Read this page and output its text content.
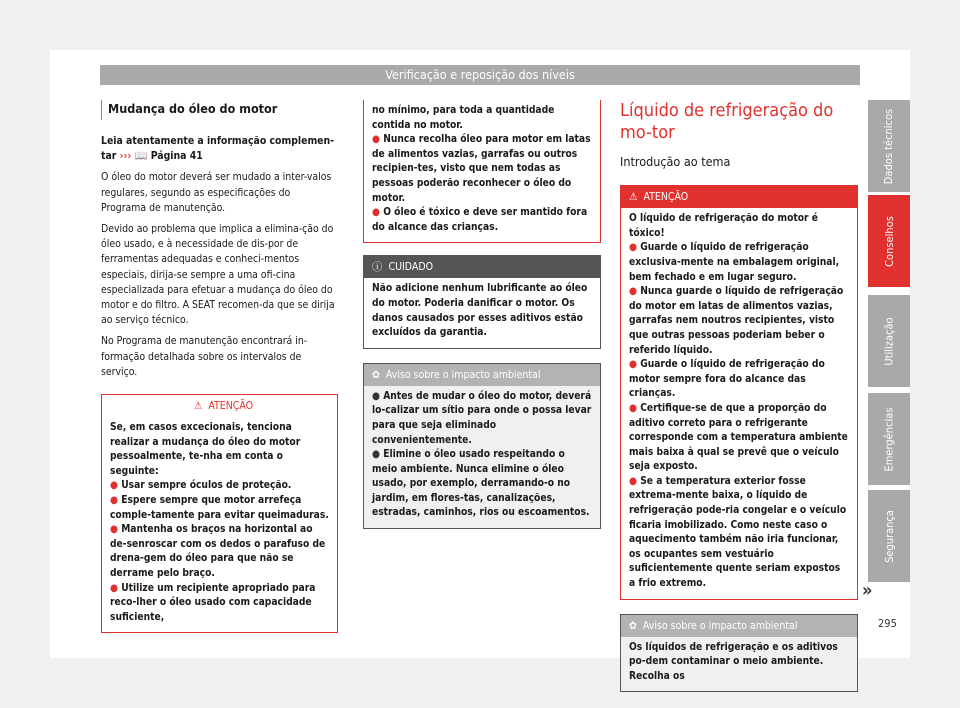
Verificação e reposição dos níveis
Dados técnicos
Conselhos
Utilização
Emergências
Segurança
Mudança do óleo do motor

Leia atentamente a informação complemen-tar ››› 📖 Página 41

O óleo do motor deverá ser mudado a inter-valos regulares, segundo as especificações do Programa de manutenção.

Devido ao problema que implica a elimina-ção do óleo usado, e à necessidade de dis-por de ferramentas adequadas e conheci-mentos especiais, dirija-se sempre a uma ofi-cina especializada para efetuar a mudança do óleo do motor e do filtro. A SEAT recomen-da que se dirija ao serviço técnico.

No Programa de manutenção encontrará in-formação detalhada sobre os intervalos de serviço.

⚠ ATENÇÃO
Se, em casos excecionais, tenciona realizar a mudança do óleo do motor pessoalmente, te-nha em conta o seguinte:
● Usar sempre óculos de proteção.
● Espere sempre que motor arrefeça comple-tamente para evitar queimaduras.
● Mantenha os braços na horizontal ao de-senroscar com os dedos o parafuso de drena-gem do óleo para que não se derrame pelo braço.
● Utilize um recipiente apropriado para reco-lher o óleo usado com capacidade suficiente,
no mínimo, para toda a quantidade contida no motor.
● Nunca recolha óleo para motor em latas de alimentos vazias, garrafas ou outros recipien-tes, visto que nem todas as pessoas poderão reconhecer o óleo do motor.
● O óleo é tóxico e deve ser mantido fora do alcance das crianças.
ⓘ CUIDADO
Não adicione nenhum lubrificante ao óleo do motor. Poderia danificar o motor. Os danos causados por esses aditivos estão excluídos da garantia.
✿ Aviso sobre o impacto ambiental
● Antes de mudar o óleo do motor, deverá lo-calizar um sítio para onde o possa levar para que seja eliminado convenientemente.
● Elimine o óleo usado respeitando o meio ambiente. Nunca elimine o óleo usado, por exemplo, derramando-o no jardim, em flores-tas, canalizações, estradas, caminhos, rios ou escoamentos.
Líquido de refrigeração do mo-tor
Introdução ao tema
⚠ ATENÇÃO
O líquido de refrigeração do motor é tóxico!
● Guarde o líquido de refrigeração exclusiva-mente na embalagem original, bem fechado e em lugar seguro.
● Nunca guarde o líquido de refrigeração do motor em latas de alimentos vazias, garrafas nem noutros recipientes, visto que outras pessoas poderiam beber o referido líquido.
● Guarde o líquido de refrigeração do motor sempre fora do alcance das crianças.
● Certifique-se de que a proporção do aditivo correto para o refrigerante corresponde com a temperatura ambiente mais baixa à qual se prevê que o veículo seja exposto.
● Se a temperatura exterior fosse extrema-mente baixa, o líquido de refrigeração pode-ria congelar e o veículo ficaria imobilizado. Como neste caso o aquecimento também não iria funcionar, os ocupantes sem vestuário suficientemente quente seriam expostos a frio extremo.
✿ Aviso sobre o impacto ambiental
Os líquidos de refrigeração e os aditivos po-dem contaminar o meio ambiente. Recolha os
»
295
